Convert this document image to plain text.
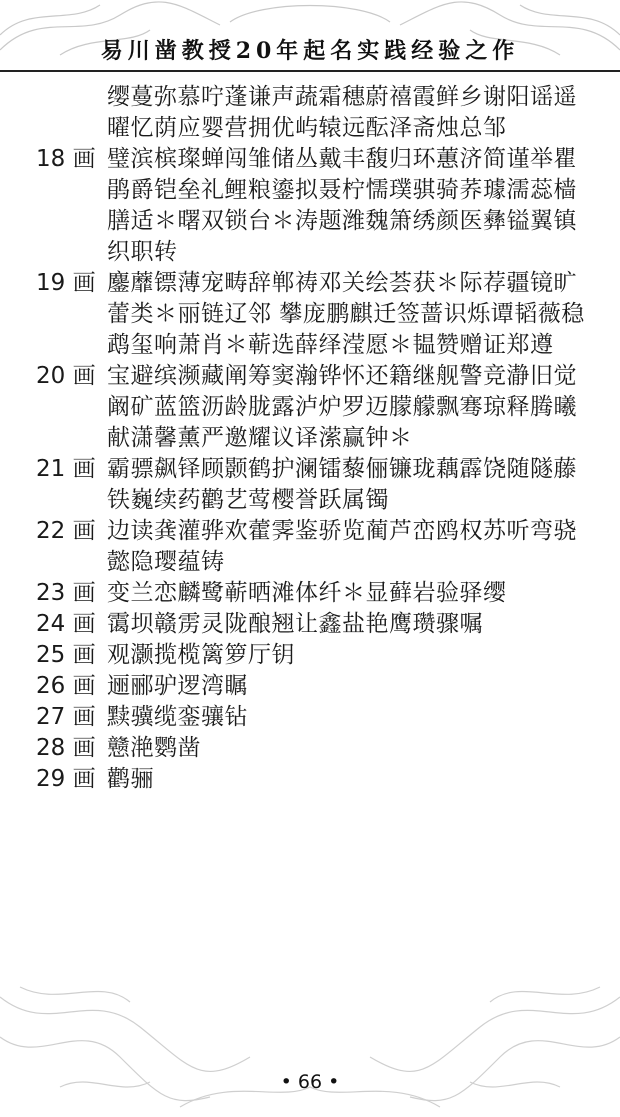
易川凿教授20年起名实践经验之作
缨蔓弥慕咛蓬谦声蔬霜穗蔚禧霞鲜乡谢阳谣遥曜忆荫应婴营拥优屿辕远酝泽斋烛总邹
18 画 璧滨槟璨蝉闯雏储丛戴丰馥归环蕙济简谨举瞿鹃爵铠垒礼鲤粮鎏拟聂柠懦璞骐骑荞璩濡蕊樯膳适＊曙双锁台＊涛题潍魏箫绣颜医彝镒翼镇织职转
19 画 鏖蘼镖薄宠畴辞郸祷邓关绘荟获＊际荐疆镜旷蕾类＊丽链辽邻 攀庞鹏麒迁签蔷识烁谭韬薇稳鹉玺响萧肖＊蕲选薛绎滢愿＊韫赞赠证郑遵
20 画 宝避缤濒藏阐筹窦瀚铧怀还籍继舰警竞瀞旧觉阚矿蓝篮沥龄胧露泸炉罗迈朦艨飘骞琼释腾曦献潇馨薰严邀耀议译潆赢钟＊
21 画 霸骠飙铎顾颢鹤护澜镭藜俪镰珑藕霹饶随隧藤铁巍续药鹳艺莺樱誉跃属镯
22 画 边读龚灌骅欢藿霁鉴骄览蔺芦峦鸥权苏听弯骁懿隐璎蕴铸
23 画 变兰恋麟鹭蕲晒滩体纤＊显藓岩验驿缨
24 画 霭坝赣雳灵陇酿翘让鑫盐艳鹰瓒骤嘱
25 画 观灏揽榄篱箩厅钥
26 画 逦郦驴逻湾瞩
27 画 黩骥缆銮骧钻
28 画 戆滟鹦凿
29 画 鹳骊
• 66 •
